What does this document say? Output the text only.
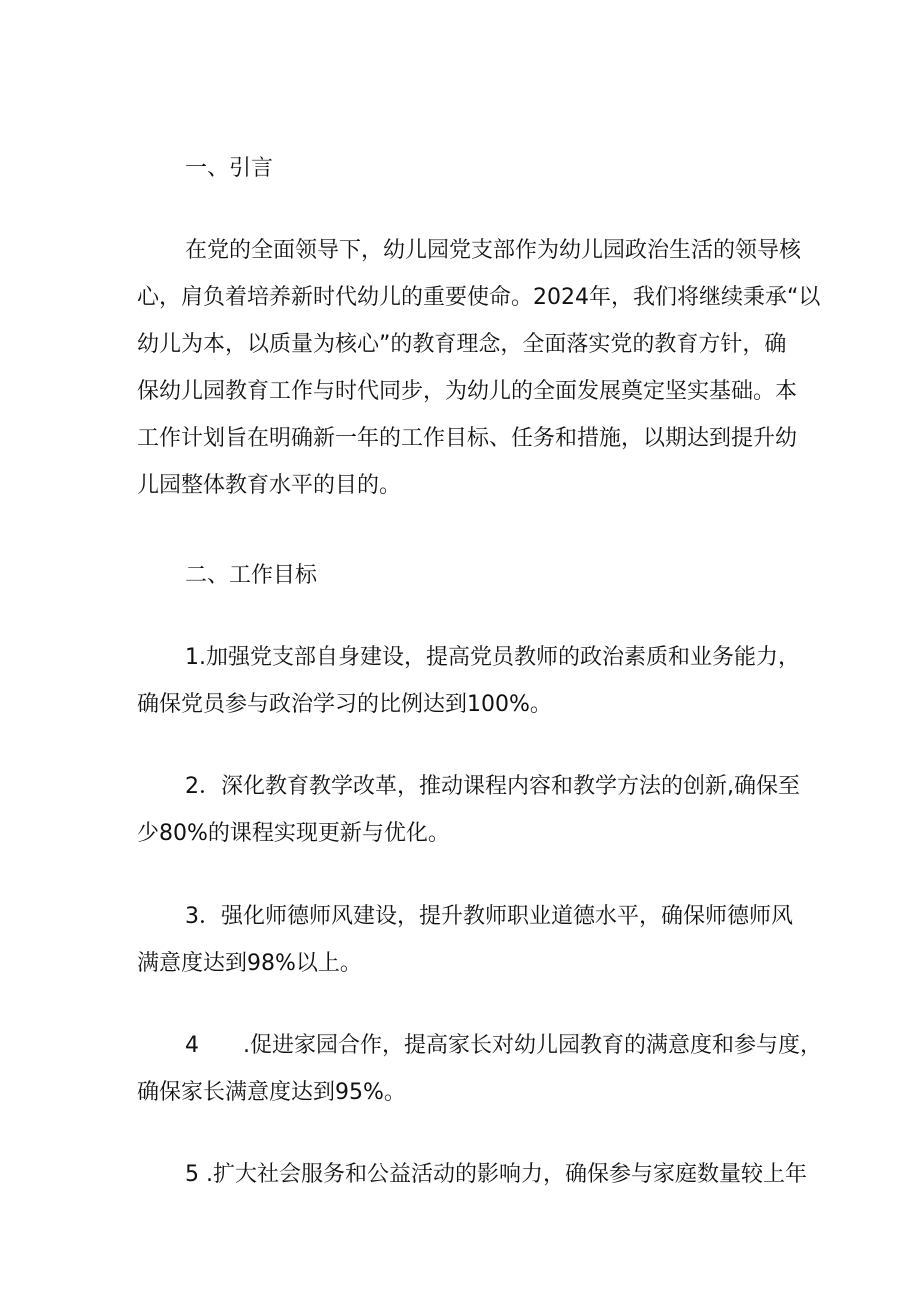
一、引言
在党的全面领导下，幼儿园党支部作为幼儿园政治生活的领导核
心，肩负着培养新时代幼儿的重要使命。2024年，我们将继续秉承“以
幼儿为本，以质量为核心”的教育理念，全面落实党的教育方针，确
保幼儿园教育工作与时代同步，为幼儿的全面发展奠定坚实基础。本
工作计划旨在明确新一年的工作目标、任务和措施，以期达到提升幼
儿园整体教育水平的目的。
二、工作目标
1.加强党支部自身建设，提高党员教师的政治素质和业务能力，
确保党员参与政治学习的比例达到100%。
2．深化教育教学改革，推动课程内容和教学方法的创新,确保至
少80%的课程实现更新与优化。
3．强化师德师风建设，提升教师职业道德水平，确保师德师风
满意度达到98%以上。
4　　.促进家园合作，提高家长对幼儿园教育的满意度和参与度，
确保家长满意度达到95%。
5 .扩大社会服务和公益活动的影响力，确保参与家庭数量较上年
